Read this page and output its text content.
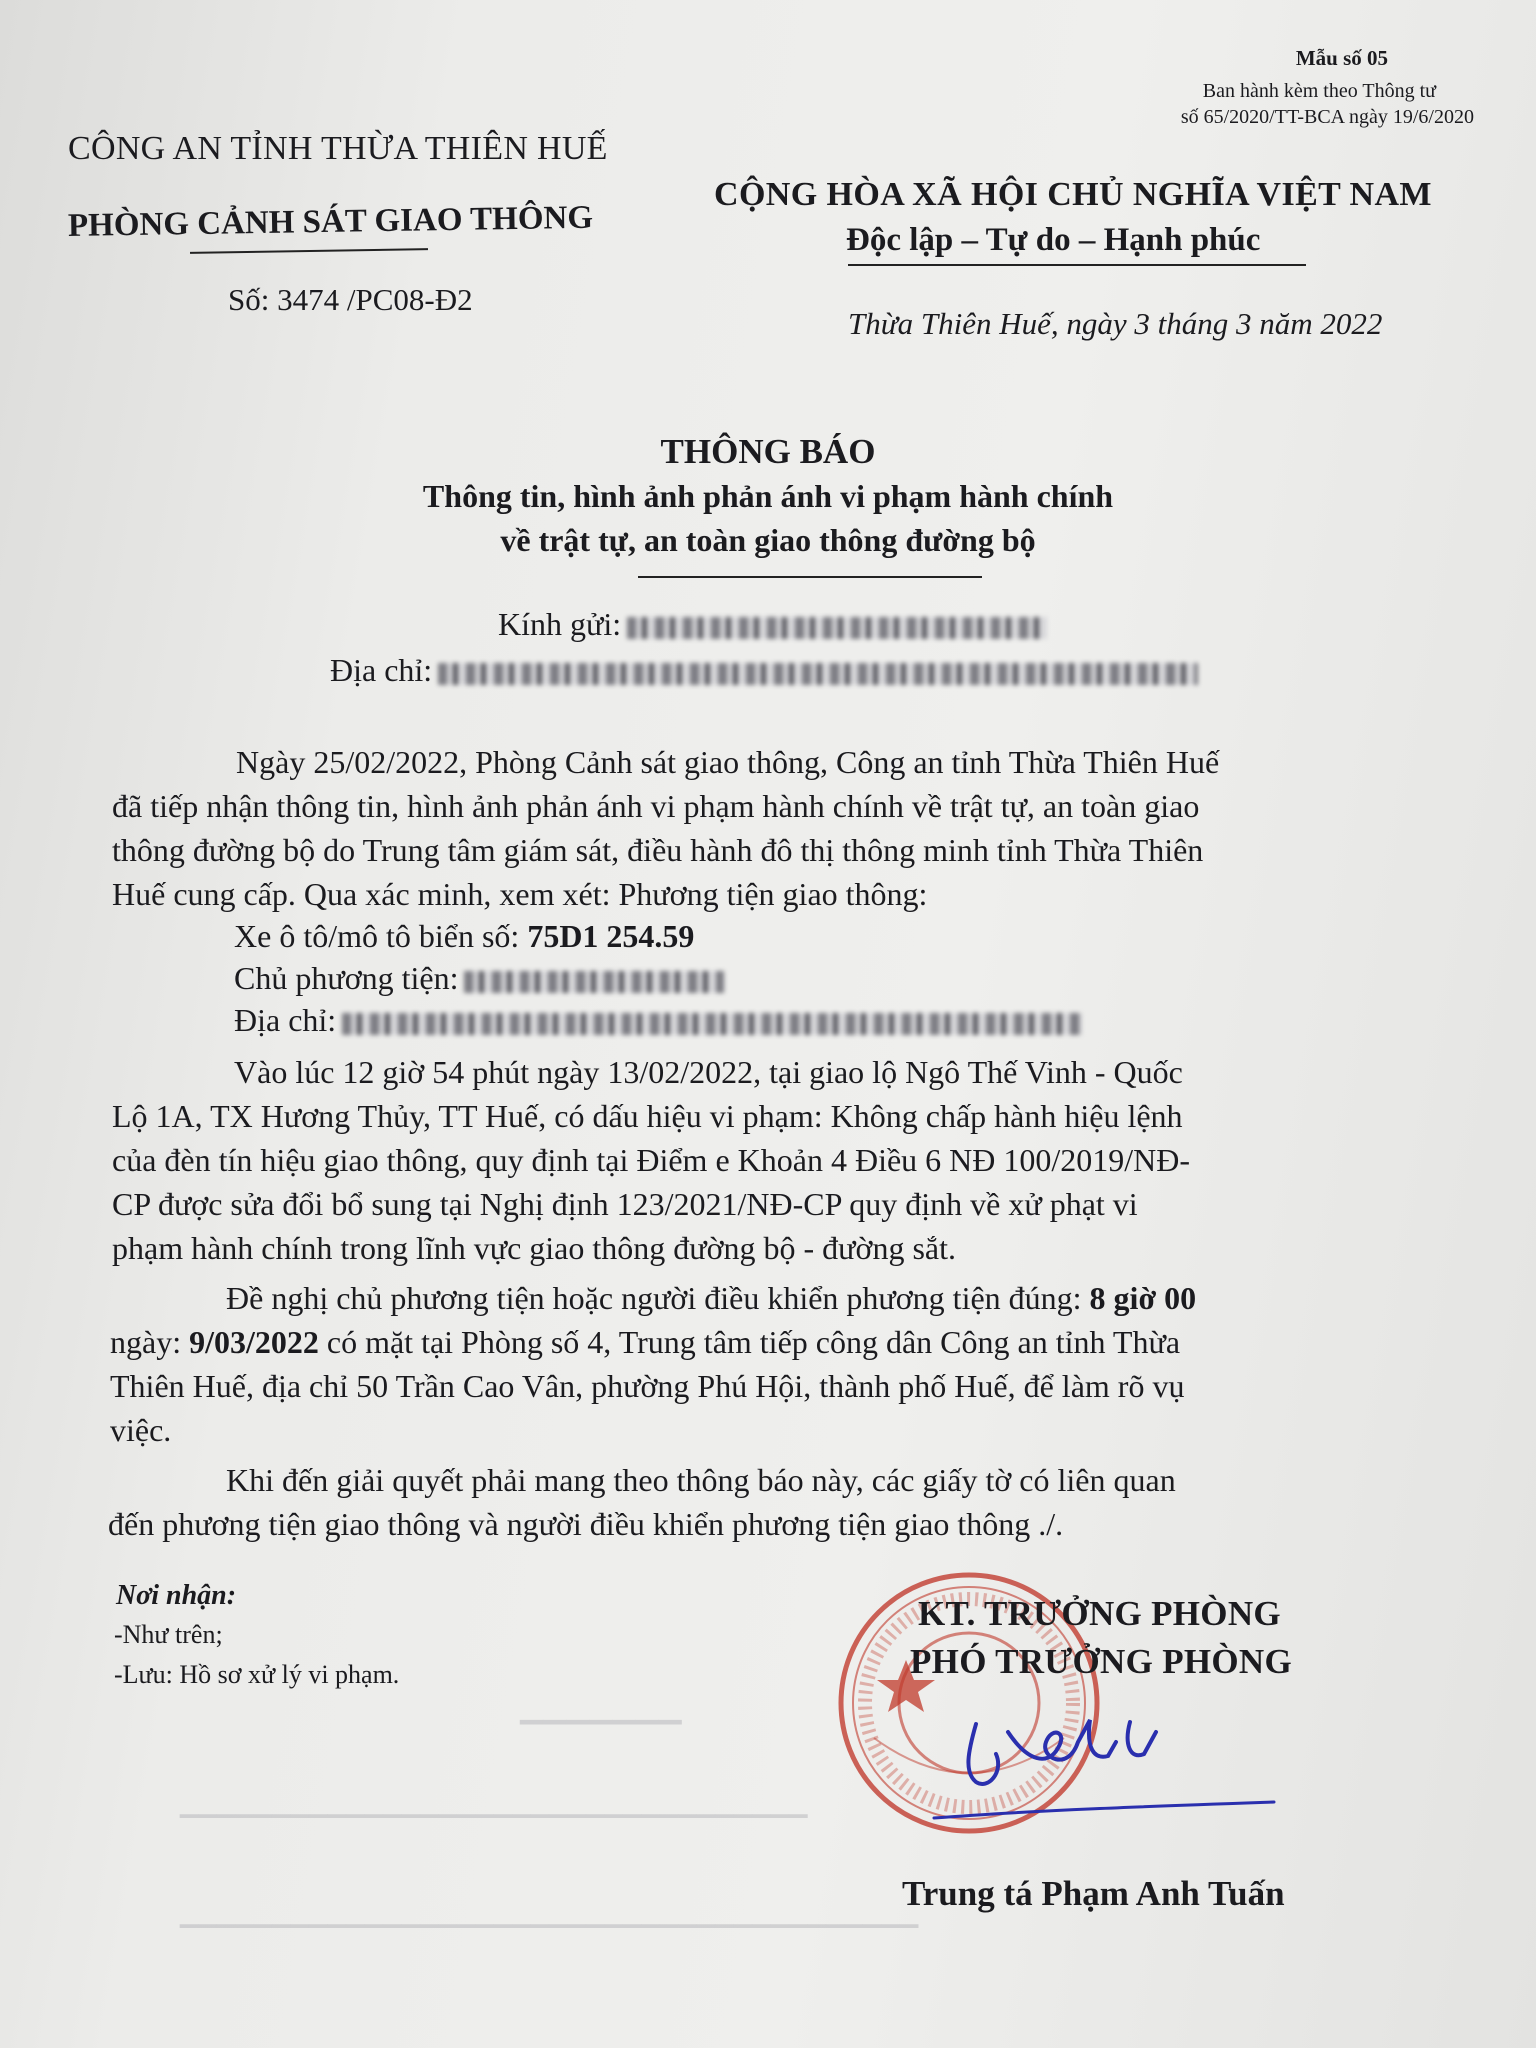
▁▁▁▁▁▁▁
▁▁▁▁▁▁▁▁▁▁▁▁▁▁▁▁▁▁▁▁▁▁▁▁▁▁▁▁▁▁▁▁▁▁
▁▁▁▁▁▁▁▁▁▁▁▁▁▁▁▁▁▁▁▁▁▁▁▁▁▁▁▁▁▁▁▁▁▁▁▁▁▁▁▁
Mẫu số 05
Ban hành kèm theo Thông tư
số 65/2020/TT-BCA ngày 19/6/2020
CÔNG AN TỈNH THỪA THIÊN HUẾ
PHÒNG CẢNH SÁT GIAO THÔNG
Số: 3474 /PC08-Đ2
CỘNG HÒA XÃ HỘI CHỦ NGHĨA VIỆT NAM
Độc lập – Tự do – Hạnh phúc
Thừa Thiên Huế, ngày 3 tháng 3 năm 2022
THÔNG BÁO
Thông tin, hình ảnh phản ánh vi phạm hành chính
về trật tự, an toàn giao thông đường bộ
Kính gửi:
Địa chỉ:
Ngày 25/02/2022, Phòng Cảnh sát giao thông, Công an tỉnh Thừa Thiên Huế
đã tiếp nhận thông tin, hình ảnh phản ánh vi phạm hành chính về trật tự, an toàn giao
thông đường bộ do Trung tâm giám sát, điều hành đô thị thông minh tỉnh Thừa Thiên
Huế cung cấp. Qua xác minh, xem xét: Phương tiện giao thông:
Xe ô tô/mô tô biển số: 75D1 254.59
Chủ phương tiện:
Địa chỉ:
Vào lúc 12 giờ 54 phút ngày 13/02/2022, tại giao lộ Ngô Thế Vinh - Quốc
Lộ 1A, TX Hương Thủy, TT Huế, có dấu hiệu vi phạm: Không chấp hành hiệu lệnh
của đèn tín hiệu giao thông, quy định tại Điểm e Khoản 4 Điều 6 NĐ 100/2019/NĐ-
CP được sửa đổi bổ sung tại Nghị định 123/2021/NĐ-CP quy định về xử phạt vi
phạm hành chính trong lĩnh vực giao thông đường bộ - đường sắt.
Đề nghị chủ phương tiện hoặc người điều khiển phương tiện đúng: 8 giờ 00
ngày: 9/03/2022 có mặt tại Phòng số 4, Trung tâm tiếp công dân Công an tỉnh Thừa
Thiên Huế, địa chỉ 50 Trần Cao Vân, phường Phú Hội, thành phố Huế, để làm rõ vụ
việc.
Khi đến giải quyết phải mang theo thông báo này, các giấy tờ có liên quan
đến phương tiện giao thông và người điều khiển phương tiện giao thông ./.
Nơi nhận:
-Như trên;
-Lưu: Hồ sơ xử lý vi phạm.
KT. TRƯỞNG PHÒNG
PHÓ TRƯỞNG PHÒNG
Trung tá Phạm Anh Tuấn
